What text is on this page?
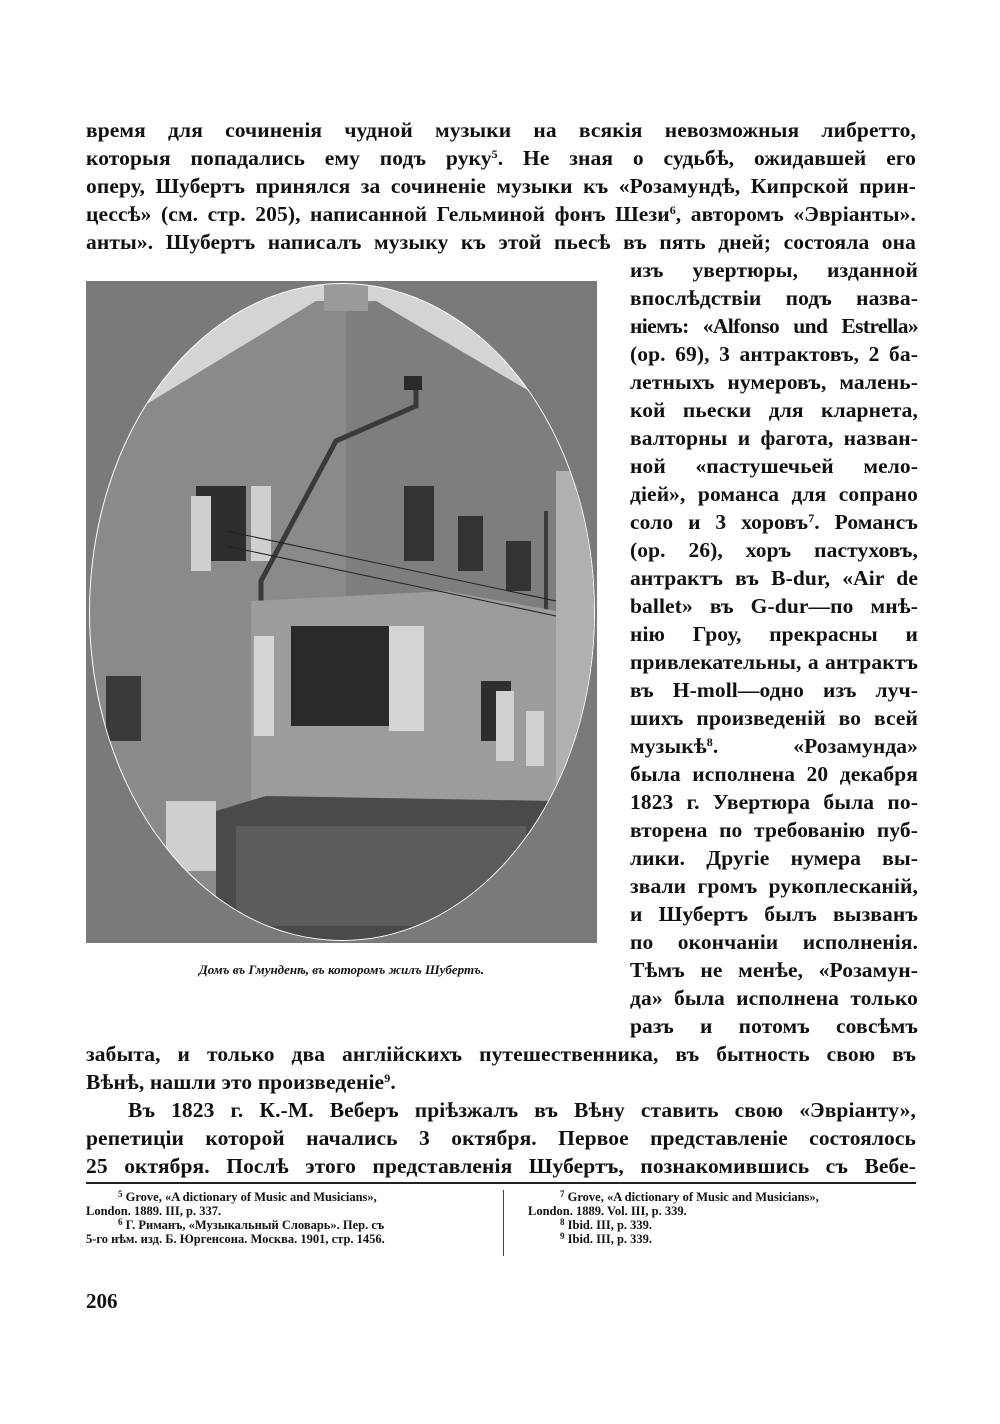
время для сочиненія чудной музыки на всякія невозможныя либретто,

которыя попадались ему подъ руку$^5$. Не зная о судьбѣ, ожидавшей его

оперу, Шубертъ принялся за сочиненіе музыки къ «Розамундѣ, Кипрской прин-

цессѣ» (см. стр. 205), написанной Гельминой фонъ Шези$^6$, авторомъ «Эвріанты».

анты». Шубертъ написалъ музыку къ этой пьесѣ въ пять дней; состояла она

Домъ въ Гмунденѣ, въ которомъ жилъ Шубертъ.

изъ увертюры, изданной

впослѣдствіи подъ назва-

ніемъ: «Alfonso und Estrella»

(ор. 69), 3 антрактовъ, 2 ба-

летныхъ нумеровъ, малень-

кой пьески для кларнета,

валторны и фагота, назван-

ной «пастушечьей мело-

діей», романса для сопрано

соло и 3 хоровъ$^7$. Романсъ

(ор. 26), хоръ пастуховъ,

антрактъ въ B-dur, «Air de

ballet» въ G-dur—по мнѣ-

нію Гроу, прекрасны и

привлекательны, а антрактъ

въ H-moll—одно изъ луч-

шихъ произведеній во всей

музыкѣ$^8$. «Розамунда»

была исполнена 20 декабря

1823 г. Увертюра была по-

вторена по требованію пуб-

лики. Другіе нумера вы-

звали громъ рукоплесканій,

и Шубертъ былъ вызванъ

по окончаніи исполненія.

Тѣмъ не менѣе, «Розамун-

да» была исполнена только

разъ и потомъ совсѣмъ

забыта, и только два англійскихъ путешественника, въ бытность свою въ

Вѣнѣ, нашли это произведеніе$^9$.

Въ 1823 г. К.-М. Веберъ пріѣзжалъ въ Вѣну ставить свою «Эвріанту»,

репетиціи которой начались 3 октября. Первое представленіе состоялось

25 октября. Послѣ этого представленія Шубертъ, познакомившись съ Вебе-

$^5$ Grove, «A dictionary of Music and Musicians»,

London. 1889. III, p. 337.

$^6$ Г. Риманъ, «Музыкальный Словарь». Пер. съ

5-го нѣм. изд. Б. Юргенсона. Москва. 1901, стр. 1456.

$^7$ Grove, «A dictionary of Music and Musicians»,

London. 1889. Vol. III, p. 339.

$^8$ Ibid. III, p. 339.

$^9$ Ibid. III, p. 339.

206
